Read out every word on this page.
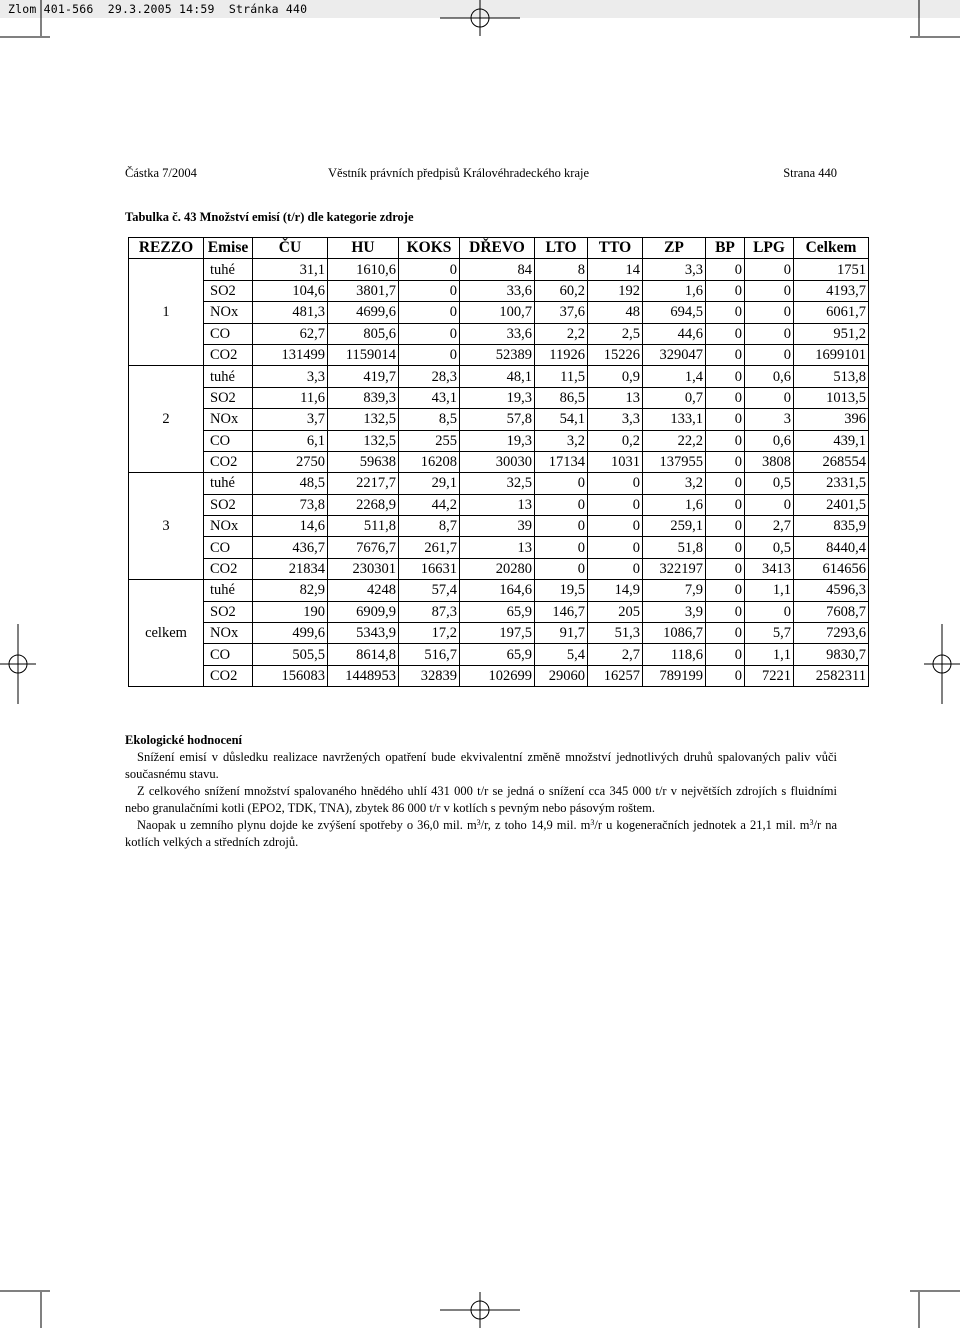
Zlom 401-566  29.3.2005 14:59  Stránka 440
Částka 7/2004	Věstník právních předpisů Královéhradeckého kraje	Strana 440
Tabulka č. 43 Množství emisí (t/r) dle kategorie zdroje
REZZO	Emise	ČU	HU	KOKS	DŘEVO	LTO	TTO	ZP	BP	LPG	Celkem
	tuhé	31,1	1610,6	0	84	8	14	3,3	0	0	1751
	SO2	104,6	3801,7	0	33,6	60,2	192	1,6	0	0	4193,7
1	NOx	481,3	4699,6	0	100,7	37,6	48	694,5	0	0	6061,7
	CO	62,7	805,6	0	33,6	2,2	2,5	44,6	0	0	951,2
	CO2	131499	1159014	0	52389	11926	15226	329047	0	0	1699101
	tuhé	3,3	419,7	28,3	48,1	11,5	0,9	1,4	0	0,6	513,8
	SO2	11,6	839,3	43,1	19,3	86,5	13	0,7	0	0	1013,5
2	NOx	3,7	132,5	8,5	57,8	54,1	3,3	133,1	0	3	396
	CO	6,1	132,5	255	19,3	3,2	0,2	22,2	0	0,6	439,1
	CO2	2750	59638	16208	30030	17134	1031	137955	0	3808	268554
	tuhé	48,5	2217,7	29,1	32,5	0	0	3,2	0	0,5	2331,5
	SO2	73,8	2268,9	44,2	13	0	0	1,6	0	0	2401,5
3	NOx	14,6	511,8	8,7	39	0	0	259,1	0	2,7	835,9
	CO	436,7	7676,7	261,7	13	0	0	51,8	0	0,5	8440,4
	CO2	21834	230301	16631	20280	0	0	322197	0	3413	614656
	tuhé	82,9	4248	57,4	164,6	19,5	14,9	7,9	0	1,1	4596,3
	SO2	190	6909,9	87,3	65,9	146,7	205	3,9	0	0	7608,7
celkem	NOx	499,6	5343,9	17,2	197,5	91,7	51,3	1086,7	0	5,7	7293,6
	CO	505,5	8614,8	516,7	65,9	5,4	2,7	118,6	0	1,1	9830,7
	CO2	156083	1448953	32839	102699	29060	16257	789199	0	7221	2582311
Ekologické hodnocení

Snížení emisí v důsledku realizace navržených opatření bude ekvivalentní změně množství jednotlivých druhů spalovaných paliv vůči současnému stavu.

Z celkového snížení množství spalovaného hnědého uhlí 431 000 t/r se jedná o snížení cca 345 000 t/r v největších zdrojích s fluidními nebo granulačními kotli (EPO2, TDK, TNA), zbytek 86 000 t/r v kotlích s pevným nebo pásovým roštem.

Naopak u zemního plynu dojde ke zvýšení spotřeby o 36,0 mil. $m^3/r$, z toho 14,9 mil. $m^3/r$ u kogeneračních jednotek a 21,1 mil. $m^3/r$ na kotlích velkých a středních zdrojů.
